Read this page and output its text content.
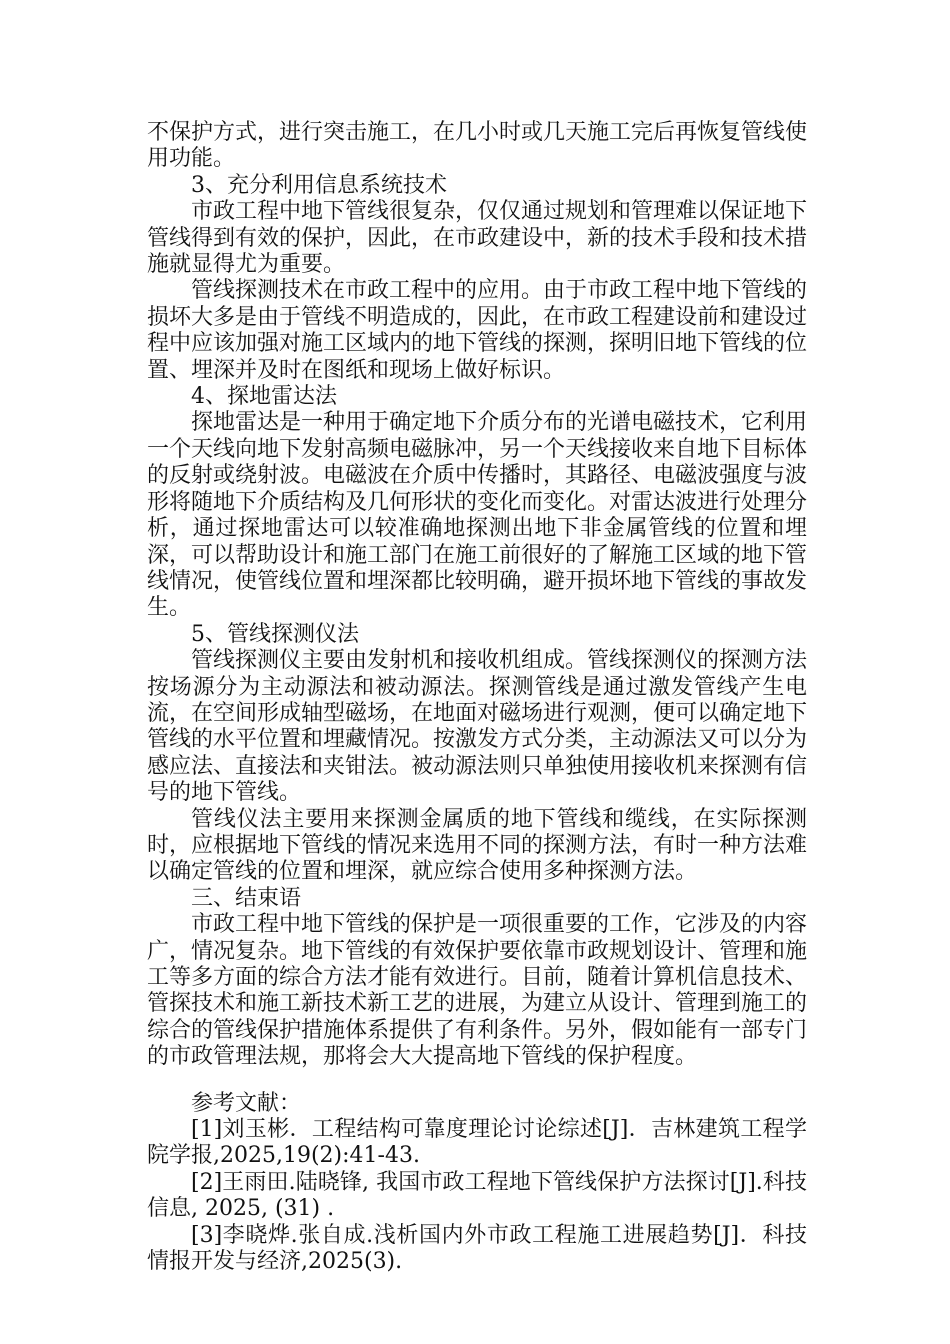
不保护方式，进行突击施工，在几小时或几天施工完后再恢复管线使用功能。

3、充分利用信息系统技术

市政工程中地下管线很复杂，仅仅通过规划和管理难以保证地下管线得到有效的保护，因此，在市政建设中，新的技术手段和技术措施就显得尤为重要。

管线探测技术在市政工程中的应用。由于市政工程中地下管线的损坏大多是由于管线不明造成的，因此，在市政工程建设前和建设过程中应该加强对施工区域内的地下管线的探测，探明旧地下管线的位置、埋深并及时在图纸和现场上做好标识。

4、探地雷达法

探地雷达是一种用于确定地下介质分布的光谱电磁技术，它利用一个天线向地下发射高频电磁脉冲，另一个天线接收来自地下目标体的反射或绕射波。电磁波在介质中传播时，其路径、电磁波强度与波形将随地下介质结构及几何形状的变化而变化。对雷达波进行处理分析，通过探地雷达可以较准确地探测出地下非金属管线的位置和埋深，可以帮助设计和施工部门在施工前很好的了解施工区域的地下管线情况，使管线位置和埋深都比较明确，避开损坏地下管线的事故发生。

5、管线探测仪法

管线探测仪主要由发射机和接收机组成。管线探测仪的探测方法按场源分为主动源法和被动源法。探测管线是通过激发管线产生电流，在空间形成轴型磁场，在地面对磁场进行观测，便可以确定地下管线的水平位置和埋藏情况。按激发方式分类，主动源法又可以分为感应法、直接法和夹钳法。被动源法则只单独使用接收机来探测有信号的地下管线。

管线仪法主要用来探测金属质的地下管线和缆线，在实际探测时，应根据地下管线的情况来选用不同的探测方法，有时一种方法难以确定管线的位置和埋深，就应综合使用多种探测方法。

三、结束语

市政工程中地下管线的保护是一项很重要的工作，它涉及的内容广，情况复杂。地下管线的有效保护要依靠市政规划设计、管理和施工等多方面的综合方法才能有效进行。目前，随着计算机信息技术、管探技术和施工新技术新工艺的进展，为建立从设计、管理到施工的综合的管线保护措施体系提供了有利条件。另外，假如能有一部专门的市政管理法规，那将会大大提高地下管线的保护程度。

参考文献：

[1]刘玉彬．工程结构可靠度理论讨论综述[J]．吉林建筑工程学院学报,2025,19(2):41-43.

[2]王雨田.陆晓锋, 我国市政工程地下管线保护方法探讨[J].科技信息, 2025, (31) .

[3]李晓烨.张自成.浅析国内外市政工程施工进展趋势[J]．科技情报开发与经济,2025(3).
